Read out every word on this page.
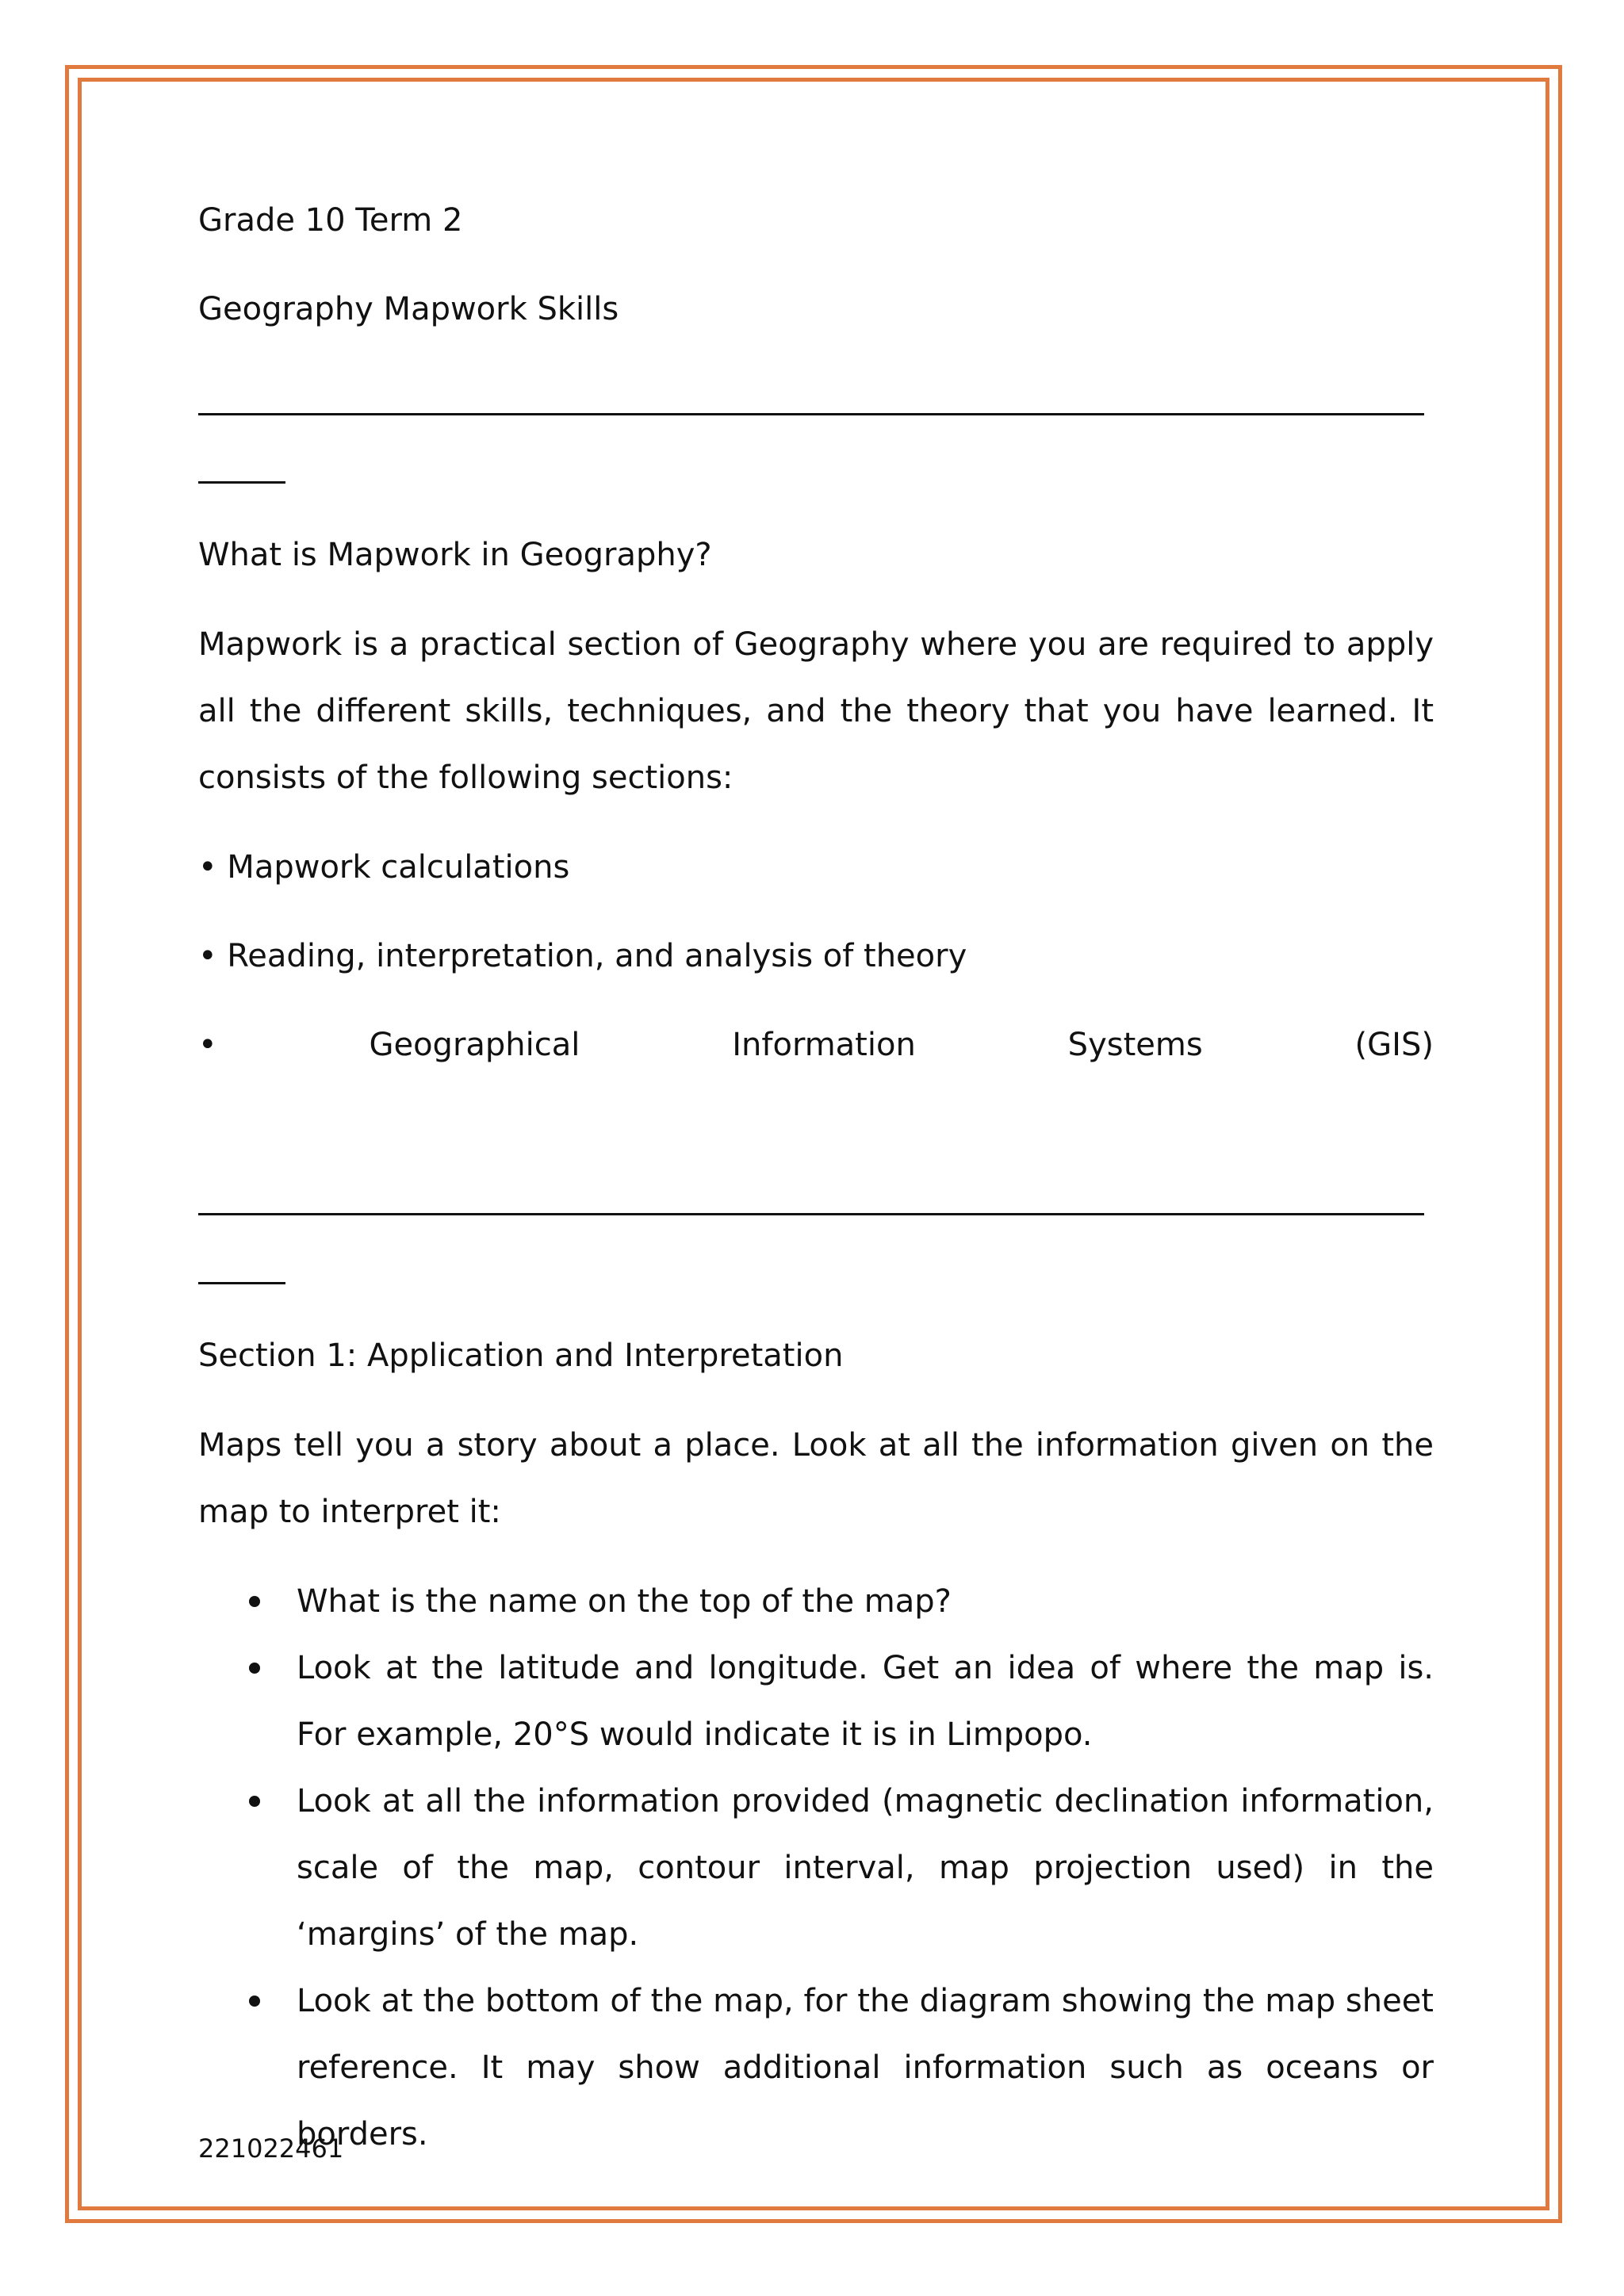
Grade 10 Term 2
Geography Mapwork Skills
What is Mapwork in Geography?
Mapwork is a practical section of Geography where you are required to apply all the different skills, techniques, and the theory that you have learned. It consists of the following sections:
• Mapwork calculations
• Reading, interpretation, and analysis of theory
•	Geographical	Information	Systems	(GIS)
Section 1: Application and Interpretation
Maps tell you a story about a place. Look at all the information given on the map to interpret it:
What is the name on the top of the map?
Look at the latitude and longitude. Get an idea of where the map is. For example, 20°S would indicate it is in Limpopo.
Look at all the information provided (magnetic declination information, scale of the map, contour interval, map projection used) in the ‘margins’ of the map.
Look at the bottom of the map, for the diagram showing the map sheet reference. It may show additional information such as oceans or borders.
221022461
